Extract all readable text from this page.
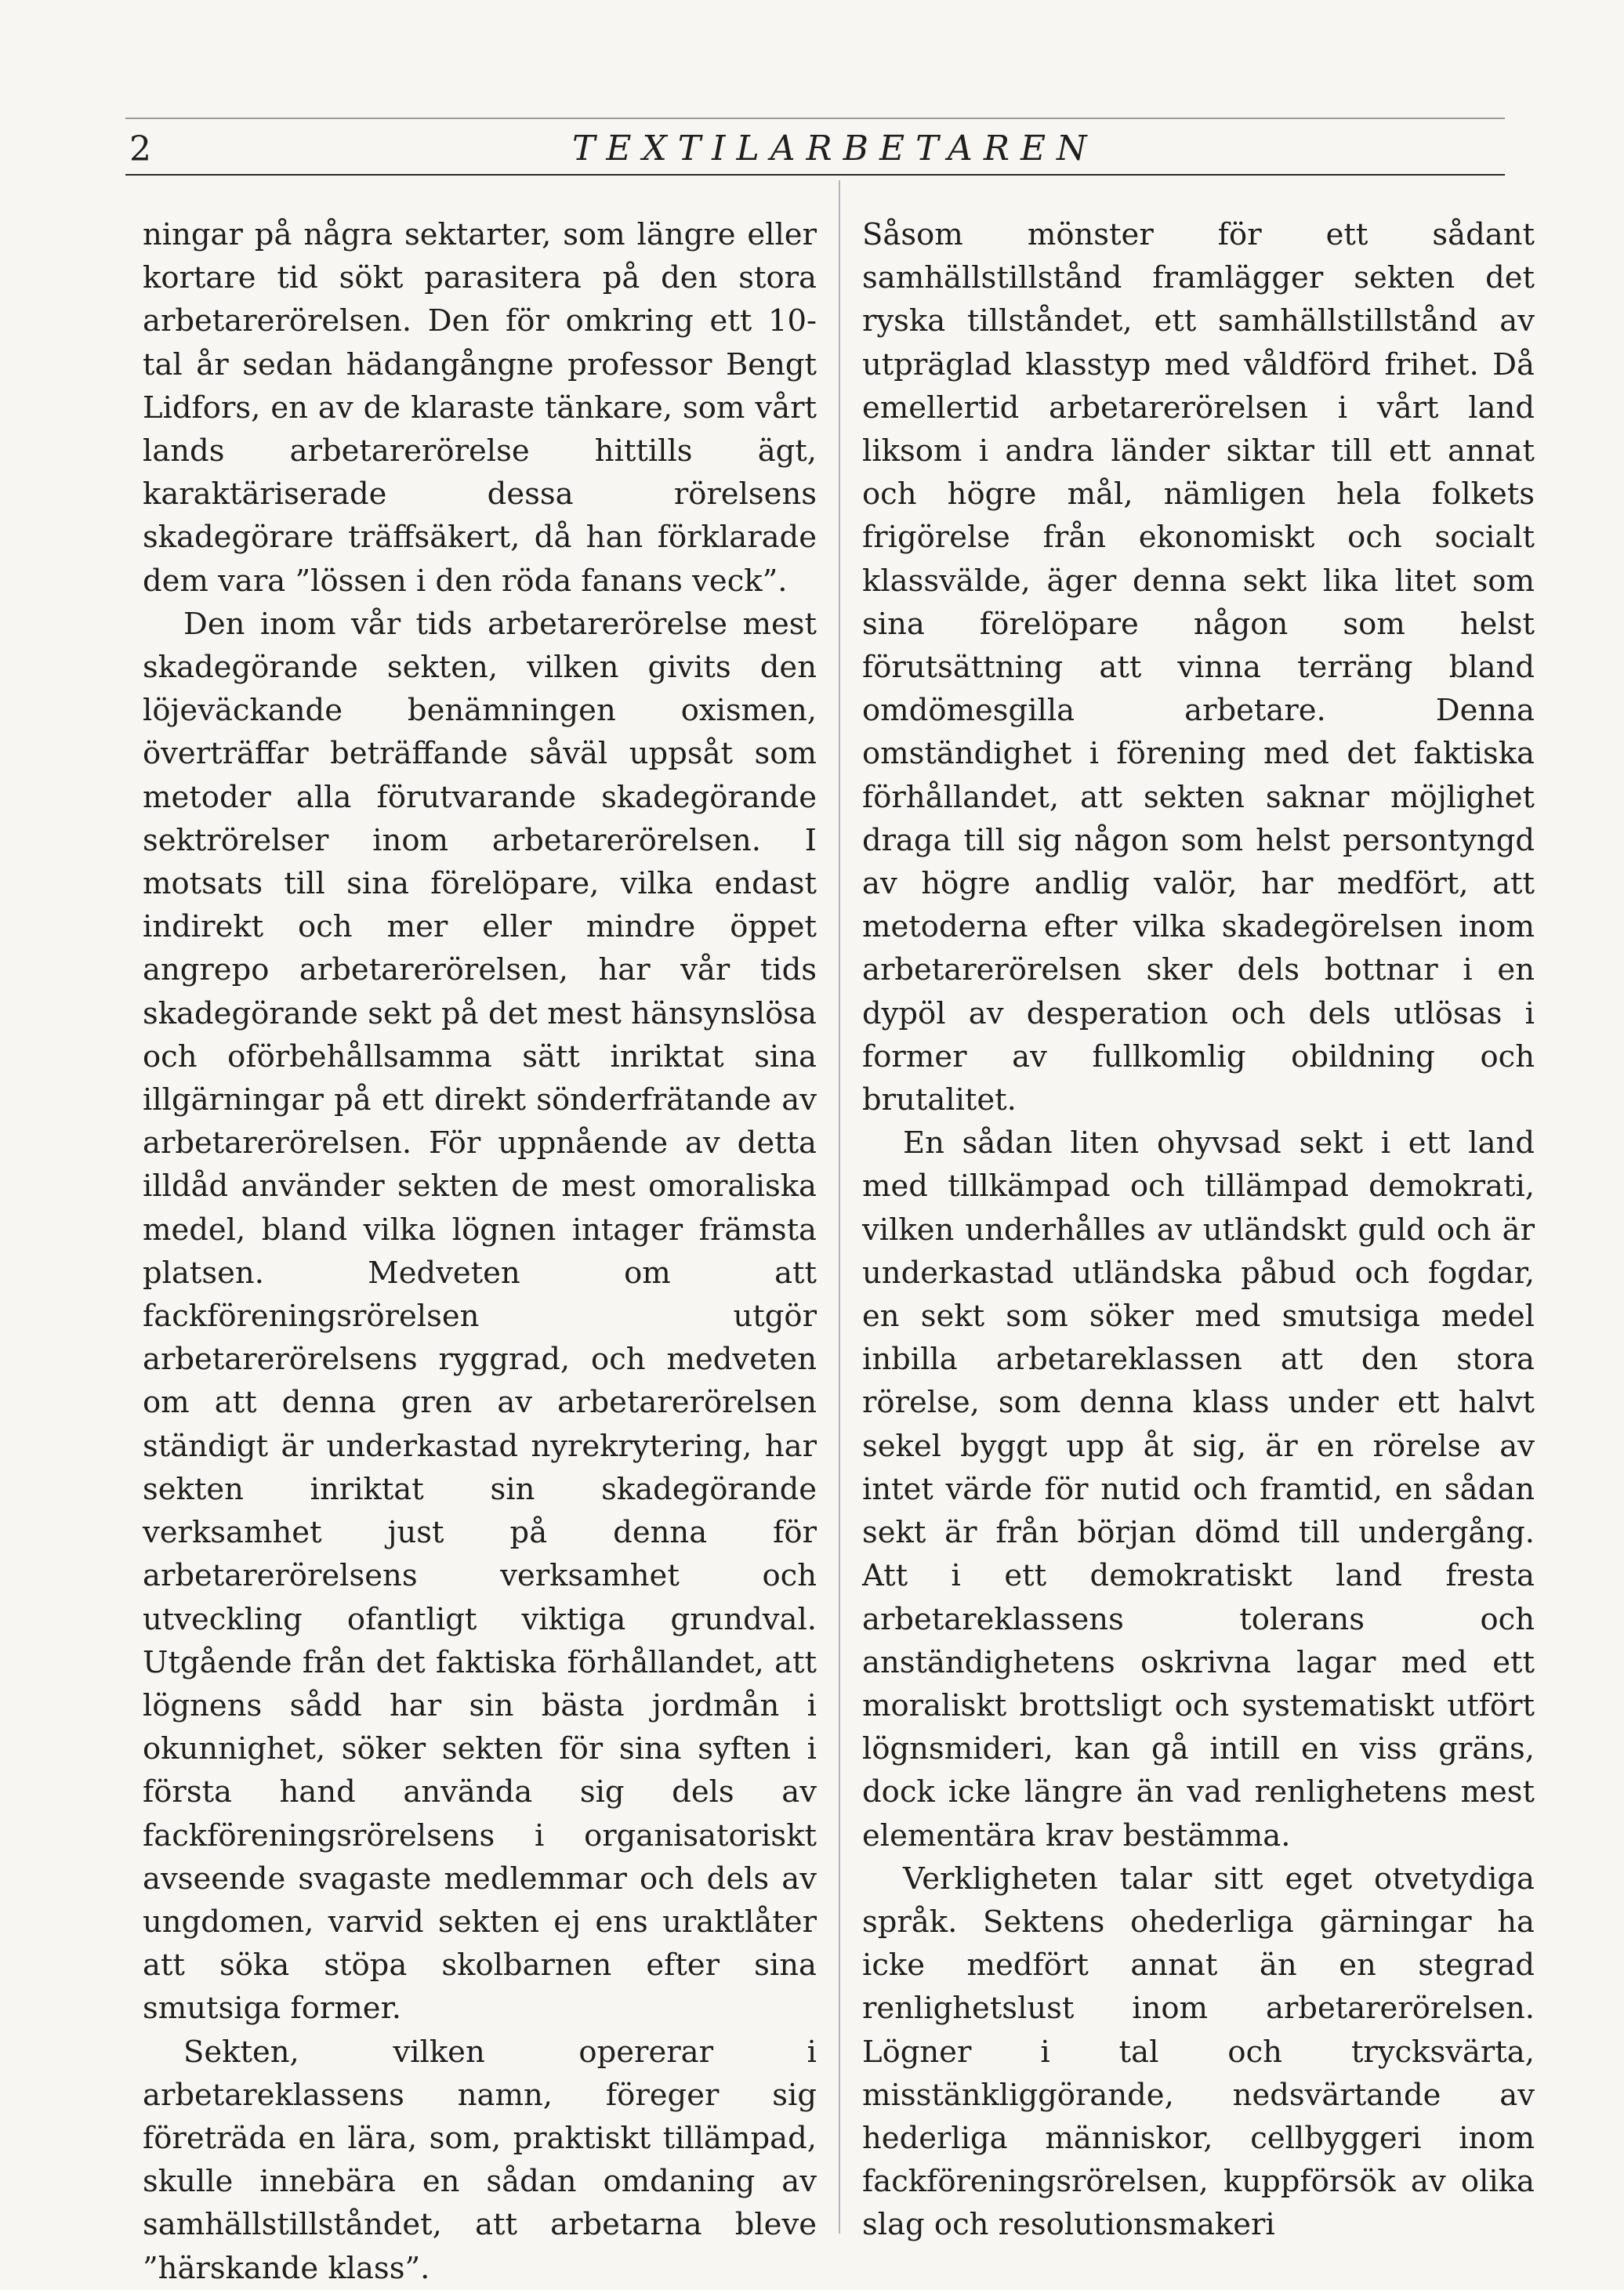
2	TEXTILARBETAREN

ningar på några sektarter, som längre eller kortare tid sökt parasitera på den stora arbetarerörelsen. Den för omkring ett 10-tal år sedan hädangångne professor Bengt Lidfors, en av de klaraste tänkare, som vårt lands arbetarerörelse hittills ägt, karaktäriserade dessa rörelsens skadegörare träffsäkert, då han förklarade dem vara ”lössen i den röda fanans veck”.

Den inom vår tids arbetarerörelse mest skadegörande sekten, vilken givits den löjeväckande benämningen oxismen, överträffar beträffande såväl uppsåt som metoder alla förutvarande skadegörande sektrörelser inom arbetarerörelsen. I motsats till sina förelöpare, vilka endast indirekt och mer eller mindre öppet angrepo arbetarerörelsen, har vår tids skadegörande sekt på det mest hänsynslösa och oförbehållsamma sätt inriktat sina illgärningar på ett direkt sönderfrätande av arbetarerörelsen. För uppnående av detta illdåd använder sekten de mest omoraliska medel, bland vilka lögnen intager främsta platsen. Medveten om att fackföreningsrörelsen utgör arbetarerörelsens ryggrad, och medveten om att denna gren av arbetarerörelsen ständigt är underkastad nyrekrytering, har sekten inriktat sin skadegörande verksamhet just på denna för arbetarerörelsens verksamhet och utveckling ofantligt viktiga grundval. Utgående från det faktiska förhållandet, att lögnens sådd har sin bästa jordmån i okunnighet, söker sekten för sina syften i första hand använda sig dels av fackföreningsrörelsens i organisatoriskt avseende svagaste medlemmar och dels av ungdomen, varvid sekten ej ens uraktlåter att söka stöpa skolbarnen efter sina smutsiga former.

Sekten, vilken opererar i arbetareklassens namn, föreger sig företräda en lära, som, praktiskt tillämpad, skulle innebära en sådan omdaning av samhällstillståndet, att arbetarna bleve ”härskande klass”.

Såsom mönster för ett sådant samhällstillstånd framlägger sekten det ryska tillståndet, ett samhällstillstånd av utpräglad klasstyp med våldförd frihet. Då emellertid arbetarerörelsen i vårt land liksom i andra länder siktar till ett annat och högre mål, nämligen hela folkets frigörelse från ekonomiskt och socialt klassvälde, äger denna sekt lika litet som sina förelöpare någon som helst förutsättning att vinna terräng bland omdömesgilla arbetare. Denna omständighet i förening med det faktiska förhållandet, att sekten saknar möjlighet draga till sig någon som helst persontyngd av högre andlig valör, har medfört, att metoderna efter vilka skadegörelsen inom arbetarerörelsen sker dels bottnar i en dypöl av desperation och dels utlösas i former av fullkomlig obildning och brutalitet.

En sådan liten ohyvsad sekt i ett land med tillkämpad och tillämpad demokrati, vilken underhålles av utländskt guld och är underkastad utländska påbud och fogdar, en sekt som söker med smutsiga medel inbilla arbetareklassen att den stora rörelse, som denna klass under ett halvt sekel byggt upp åt sig, är en rörelse av intet värde för nutid och framtid, en sådan sekt är från början dömd till undergång. Att i ett demokratiskt land fresta arbetareklassens tolerans och anständighetens oskrivna lagar med ett moraliskt brottsligt och systematiskt utfört lögnsmideri, kan gå intill en viss gräns, dock icke längre än vad renlighetens mest elementära krav bestämma.

Verkligheten talar sitt eget otvetydiga språk. Sektens ohederliga gärningar ha icke medfört annat än en stegrad renlighetslust inom arbetarerörelsen. Lögner i tal och trycksvärta, misstänkliggörande, nedsvärtande av hederliga människor, cellbyggeri inom fackföreningsrörelsen, kuppförsök av olika slag och resolutionsmakeri
